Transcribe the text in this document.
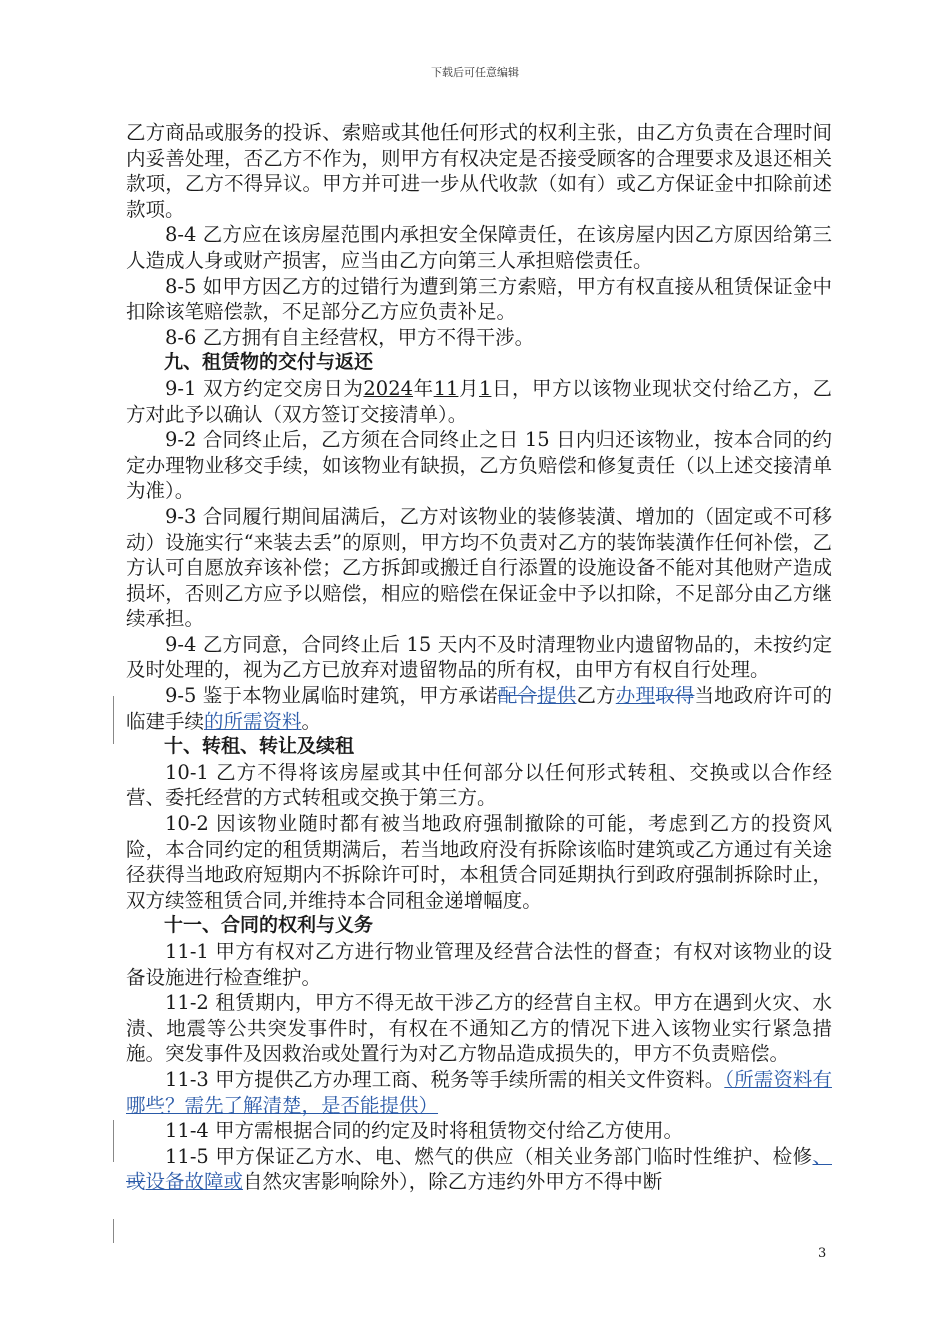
下载后可任意编辑

乙方商品或服务的投诉、索赔或其他任何形式的权利主张，由乙方负责在合理时间内妥善处理，否乙方不作为，则甲方有权决定是否接受顾客的合理要求及退还相关款项，乙方不得异议。甲方并可进一步从代收款（如有）或乙方保证金中扣除前述款项。

8-4 乙方应在该房屋范围内承担安全保障责任，在该房屋内因乙方原因给第三人造成人身或财产损害，应当由乙方向第三人承担赔偿责任。

8-5 如甲方因乙方的过错行为遭到第三方索赔，甲方有权直接从租赁保证金中扣除该笔赔偿款，不足部分乙方应负责补足。

8-6 乙方拥有自主经营权，甲方不得干涉。

九、租赁物的交付与返还

9-1 双方约定交房日为2024年11月1日，甲方以该物业现状交付给乙方，乙方对此予以确认（双方签订交接清单）。

9-2 合同终止后，乙方须在合同终止之日 15 日内归还该物业，按本合同的约定办理物业移交手续，如该物业有缺损，乙方负赔偿和修复责任（以上述交接清单为准）。

9-3 合同履行期间届满后，乙方对该物业的装修装潢、增加的（固定或不可移动）设施实行“来装去丢”的原则，甲方均不负责对乙方的装饰装潢作任何补偿，乙方认可自愿放弃该补偿；乙方拆卸或搬迁自行添置的设施设备不能对其他财产造成损坏，否则乙方应予以赔偿，相应的赔偿在保证金中予以扣除，不足部分由乙方继续承担。

9-4 乙方同意，合同终止后 15 天内不及时清理物业内遗留物品的，未按约定及时处理的，视为乙方已放弃对遗留物品的所有权，由甲方有权自行处理。

9-5 鉴于本物业属临时建筑，甲方承诺配合提供乙方办理取得当地政府许可的临建手续的所需资料。

十、转租、转让及续租

10-1 乙方不得将该房屋或其中任何部分以任何形式转租、交换或以合作经营、委托经营的方式转租或交换于第三方。

10-2 因该物业随时都有被当地政府强制撤除的可能，考虑到乙方的投资风险，本合同约定的租赁期满后，若当地政府没有拆除该临时建筑或乙方通过有关途径获得当地政府短期内不拆除许可时，本租赁合同延期执行到政府强制拆除时止，双方续签租赁合同,并维持本合同租金递增幅度。

十一、合同的权利与义务

11-1 甲方有权对乙方进行物业管理及经营合法性的督查；有权对该物业的设备设施进行检查维护。

11-2 租赁期内，甲方不得无故干涉乙方的经营自主权。甲方在遇到火灾、水渍、地震等公共突发事件时，有权在不通知乙方的情况下进入该物业实行紧急措施。突发事件及因救治或处置行为对乙方物品造成损失的，甲方不负责赔偿。

11-3 甲方提供乙方办理工商、税务等手续所需的相关文件资料。（所需资料有哪些？需先了解清楚，是否能提供）

11-4 甲方需根据合同的约定及时将租赁物交付给乙方使用。

11-5 甲方保证乙方水、电、燃气的供应（相关业务部门临时性维护、检修、或设备故障或自然灾害影响除外），除乙方违约外甲方不得中断

3
